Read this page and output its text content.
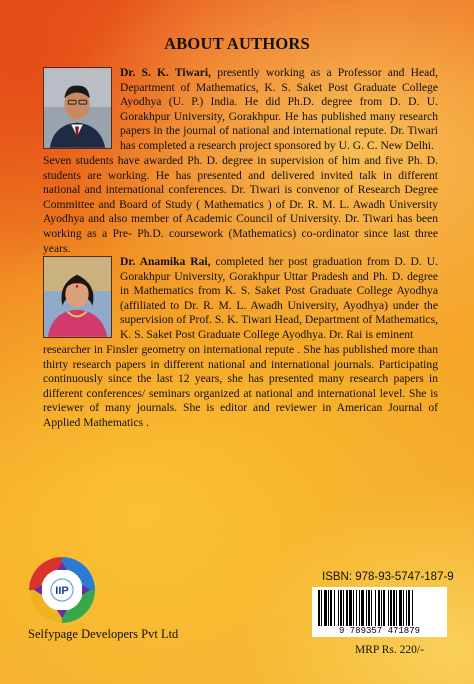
ABOUT AUTHORS

Dr. S. K. Tiwari, presently working as a Professor and Head, Department of Mathematics, K. S. Saket Post Graduate College Ayodhya (U. P.) India. He did Ph.D. degree from D. D. U. Gorakhpur University, Gorakhpur. He has published many research papers in the journal of national and international repute. Dr. Tiwari has completed a research project sponsored by U. G. C. New Delhi.

Seven students have awarded Ph. D. degree in supervision of him and five Ph. D. students are working. He has presented and delivered invited talk in different national and international conferences. Dr. Tiwari is convenor of Research Degree Committee and Board of Study ( Mathematics ) of Dr. R. M. L. Awadh University Ayodhya and also member of Academic Council of University. Dr. Tiwari has been working as a Pre- Ph.D. coursework (Mathematics) co-ordinator since last three years.

Dr. Anamika Rai, completed her post graduation from D. D. U. Gorakhpur University, Gorakhpur Uttar Pradesh and Ph. D. degree in Mathematics from K. S. Saket Post Graduate College Ayodhya (affiliated to Dr. R. M. L. Awadh University, Ayodhya) under the supervision of Prof. S. K. Tiwari Head, Department of Mathematics, K. S. Saket Post Graduate College Ayodhya. Dr. Rai is eminent

researcher in Finsler geometry on international repute . She has published more than thirty research papers in different national and international journals. Participating continuously since the last 12 years, she has presented many research papers in different conferences/ seminars organized at national and international level. She is reviewer of many journals. She is editor and reviewer in American Journal of Applied Mathematics .

IIP
Selfypage Developers Pvt Ltd
ISBN: 978-93-5747-187-9
9 789357 471879
MRP Rs. 220/-
